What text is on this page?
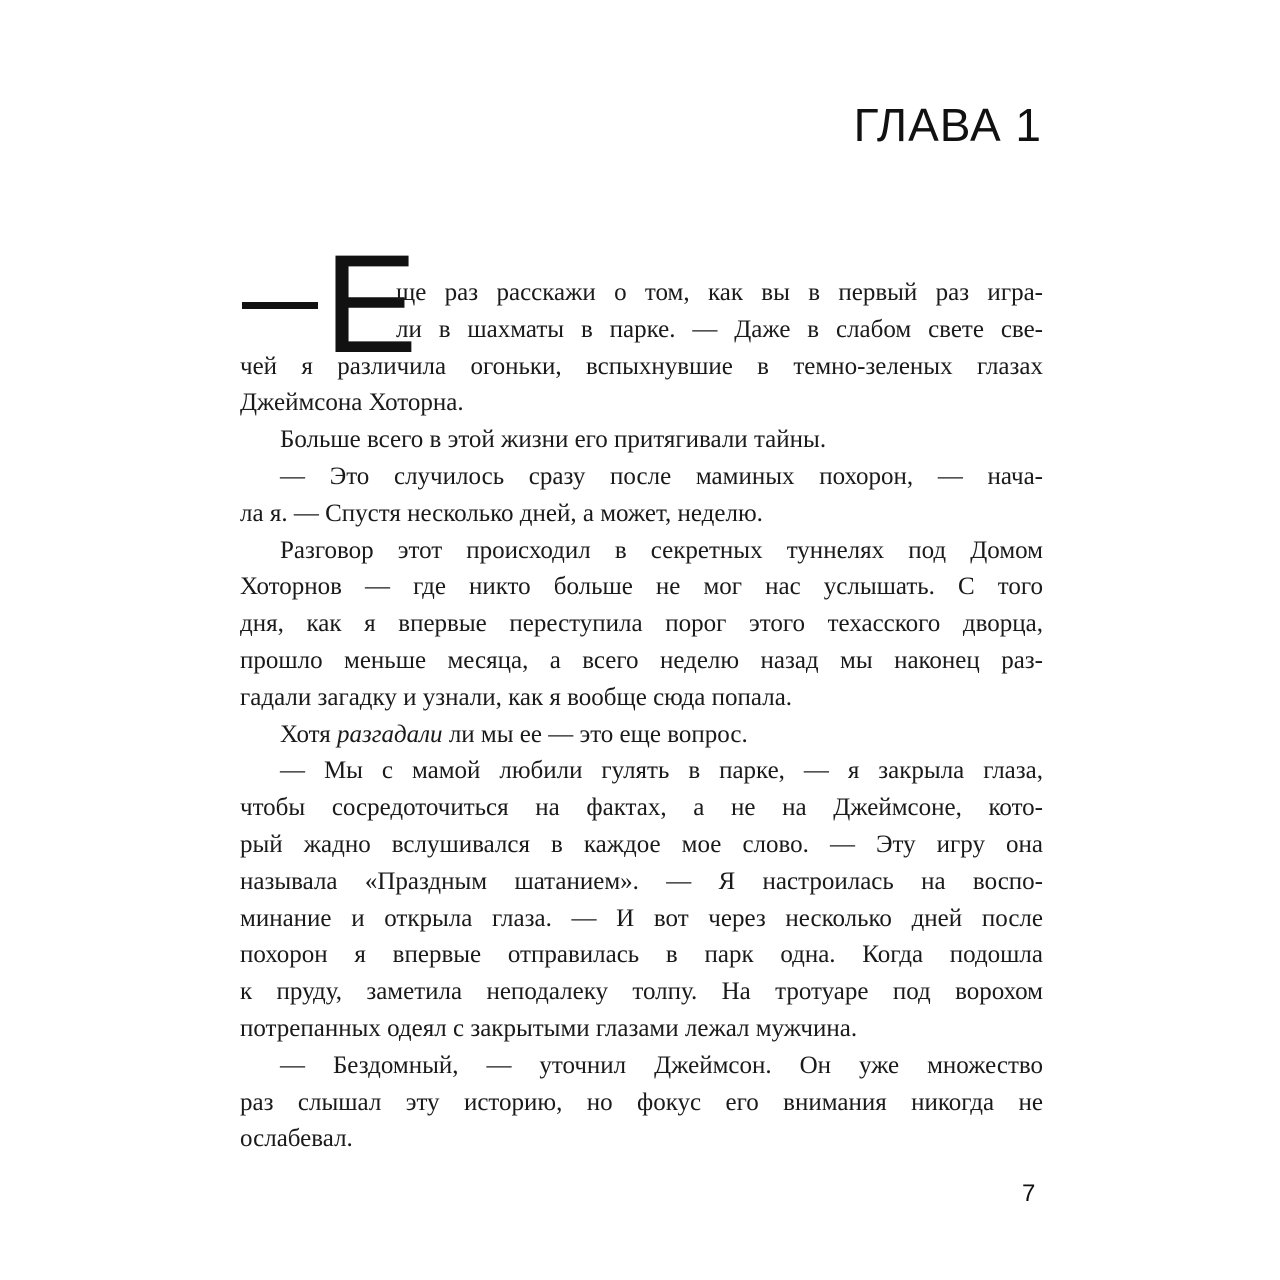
ГЛАВА 1
Е
ще раз расскажи о том, как вы в первый раз игра-
ли в шахматы в парке. — Даже в слабом свете све-
чей я различила огоньки, вспыхнувшие в темно-зеленых глазах
Джеймсона Хоторна.
Больше всего в этой жизни его притягивали тайны.
— Это случилось сразу после маминых похорон, — нача-
ла я. — Спустя несколько дней, а может, неделю.
Разговор этот происходил в секретных туннелях под Домом
Хоторнов — где никто больше не мог нас услышать. С того
дня, как я впервые переступила порог этого техасского дворца,
прошло меньше месяца, а всего неделю назад мы наконец раз-
гадали загадку и узнали, как я вообще сюда попала.
Хотя разгадали ли мы ее — это еще вопрос.
— Мы с мамой любили гулять в парке, — я закрыла глаза,
чтобы сосредоточиться на фактах, а не на Джеймсоне, кото-
рый жадно вслушивался в каждое мое слово. — Эту игру она
называла «Праздным шатанием». — Я настроилась на воспо-
минание и открыла глаза. — И вот через несколько дней после
похорон я впервые отправилась в парк одна. Когда подошла
к пруду, заметила неподалеку толпу. На тротуаре под ворохом
потрепанных одеял с закрытыми глазами лежал мужчина.
— Бездомный, — уточнил Джеймсон. Он уже множество
раз слышал эту историю, но фокус его внимания никогда не
ослабевал.
7
